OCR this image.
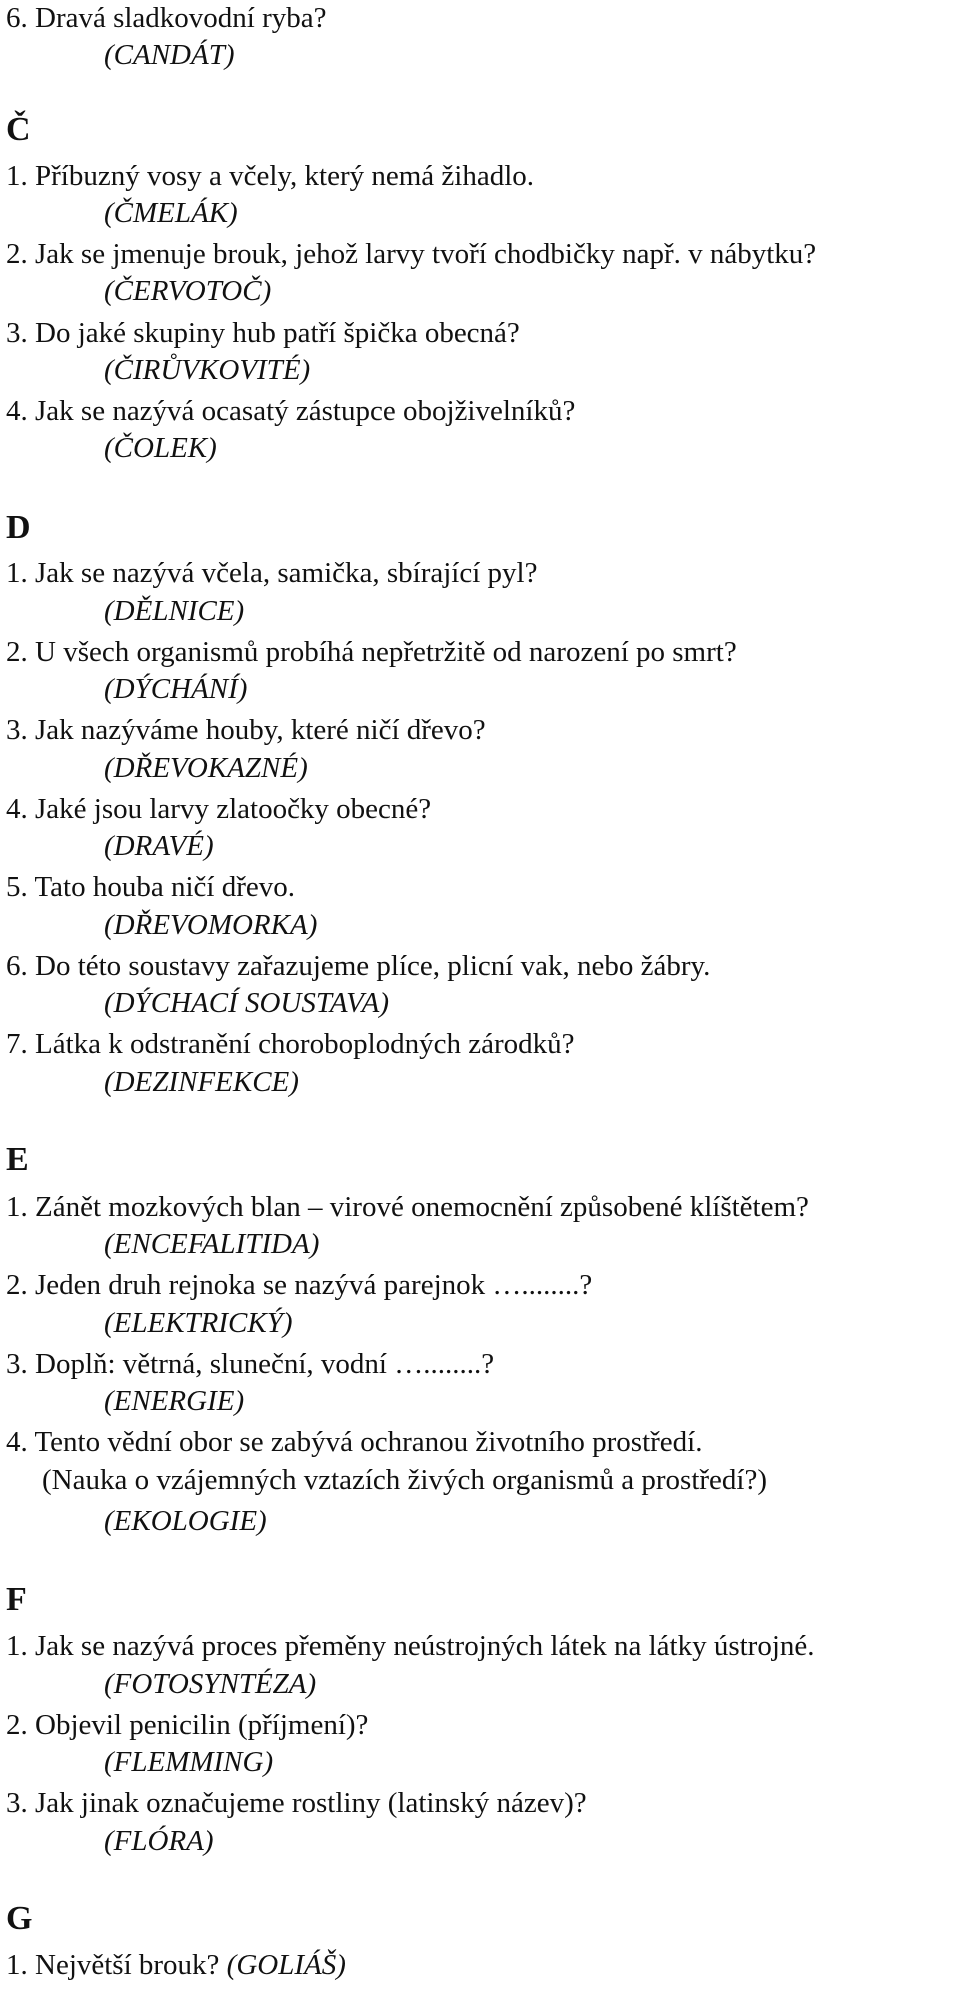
6. Dravá sladkovodní ryba?
(CANDÁT)
Č
1. Příbuzný vosy a včely, který nemá žihadlo.
(ČMELÁK)
2. Jak se jmenuje brouk, jehož larvy tvoří chodbičky např. v nábytku?
(ČERVOTOČ)
3. Do jaké skupiny hub patří špička obecná?
(ČIRŮVKOVITÉ)
4. Jak se nazývá ocasatý zástupce obojživelníků?
(ČOLEK)
D
1. Jak se nazývá včela, samička, sbírající pyl?
(DĚLNICE)
2. U všech organismů probíhá nepřetržitě od narození po smrt?
(DÝCHÁNÍ)
3. Jak nazýváme houby, které ničí dřevo?
(DŘEVOKAZNÉ)
4. Jaké jsou larvy zlatoočky obecné?
(DRAVÉ)
5. Tato houba ničí dřevo.
(DŘEVOMORKA)
6. Do této soustavy zařazujeme plíce, plicní vak, nebo žábry.
(DÝCHACÍ SOUSTAVA)
7. Látka k odstranění choroboplodných zárodků?
(DEZINFEKCE)
E
1. Zánět mozkových blan – virové onemocnění způsobené klíštětem?
(ENCEFALITIDA)
2. Jeden druh rejnoka se nazývá parejnok …........?
(ELEKTRICKÝ)
3. Doplň: větrná, sluneční, vodní …........?
(ENERGIE)
4. Tento vědní obor se zabývá ochranou životního prostředí.
(Nauka o vzájemných vztazích živých organismů a prostředí?)
(EKOLOGIE)
F
1. Jak se nazývá proces přeměny neústrojných látek na látky ústrojné.
(FOTOSYNTÉZA)
2. Objevil penicilin (příjmení)?
(FLEMMING)
3. Jak jinak označujeme rostliny (latinský název)?
(FLÓRA)
G
1. Největší brouk? (GOLIÁŠ)
